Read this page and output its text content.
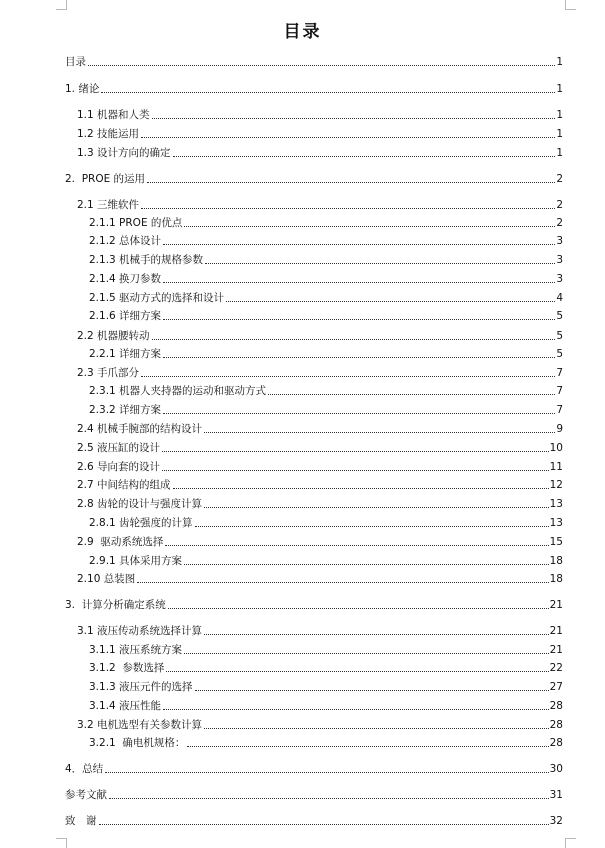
目录
目录	1
1. 绪论	1
1.1 机器和人类	1
1.2 技能运用	1
1.3 设计方向的确定	1
2.  PROE 的运用	2
2.1 三维软件	2
2.1.1 PROE 的优点	2
2.1.2 总体设计	3
2.1.3 机械手的规格参数	3
2.1.4 换刀参数	3
2.1.5 驱动方式的选择和设计	4
2.1.6 详细方案	5
2.2 机器腰转动	5
2.2.1 详细方案	5
2.3 手爪部分	7
2.3.1 机器人夹持器的运动和驱动方式	7
2.3.2 详细方案	7
2.4 机械手腕部的结构设计	9
2.5 液压缸的设计	10
2.6 导向套的设计	11
2.7 中间结构的组成	12
2.8 齿轮的设计与强度计算	13
2.8.1 齿轮强度的计算	13
2.9  驱动系统选择	15
2.9.1 具体采用方案	18
2.10 总装图	18
3.  计算分析确定系统	21
3.1 液压传动系统选择计算	21
3.1.1 液压系统方案	21
3.1.2  参数选择	22
3.1.3 液压元件的选择	27
3.1.4 液压性能	28
3.2 电机选型有关参数计算	28
3.2.1  确电机规格：	28
4．总结	30
参考文献	31
致　谢	32
